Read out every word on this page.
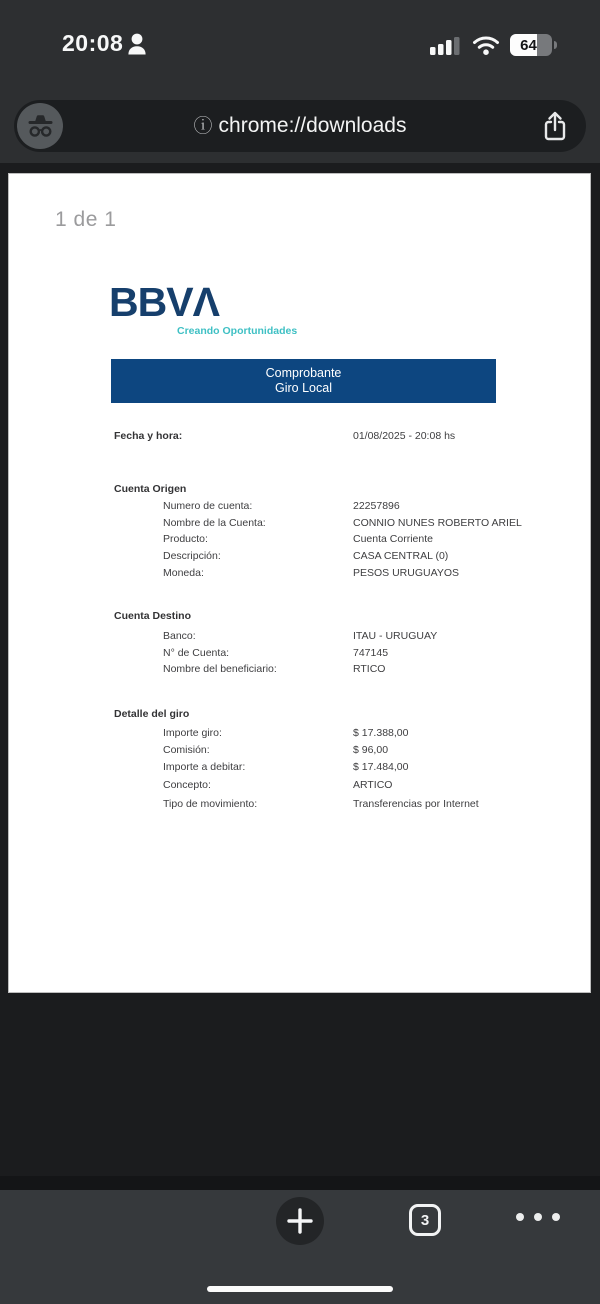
20:08	64
ⓘ chrome://downloads
1 de 1
BBVΛ
Creando Oportunidades
Comprobante
Giro Local
Fecha y hora:	01/08/2025 - 20:08 hs
Cuenta Origen
Numero de cuenta:	22257896
Nombre de la Cuenta:	CONNIO NUNES ROBERTO ARIEL
Producto:	Cuenta Corriente
Descripción:	CASA CENTRAL (0)
Moneda:	PESOS URUGUAYOS
Cuenta Destino
Banco:	ITAU - URUGUAY
N° de Cuenta:	747145
Nombre del beneficiario:	RTICO
Detalle del giro
Importe giro:	$ 17.388,00
Comisión:	$ 96,00
Importe a debitar:	$ 17.484,00
Concepto:	ARTICO
Tipo de movimiento:	Transferencias por Internet
3
